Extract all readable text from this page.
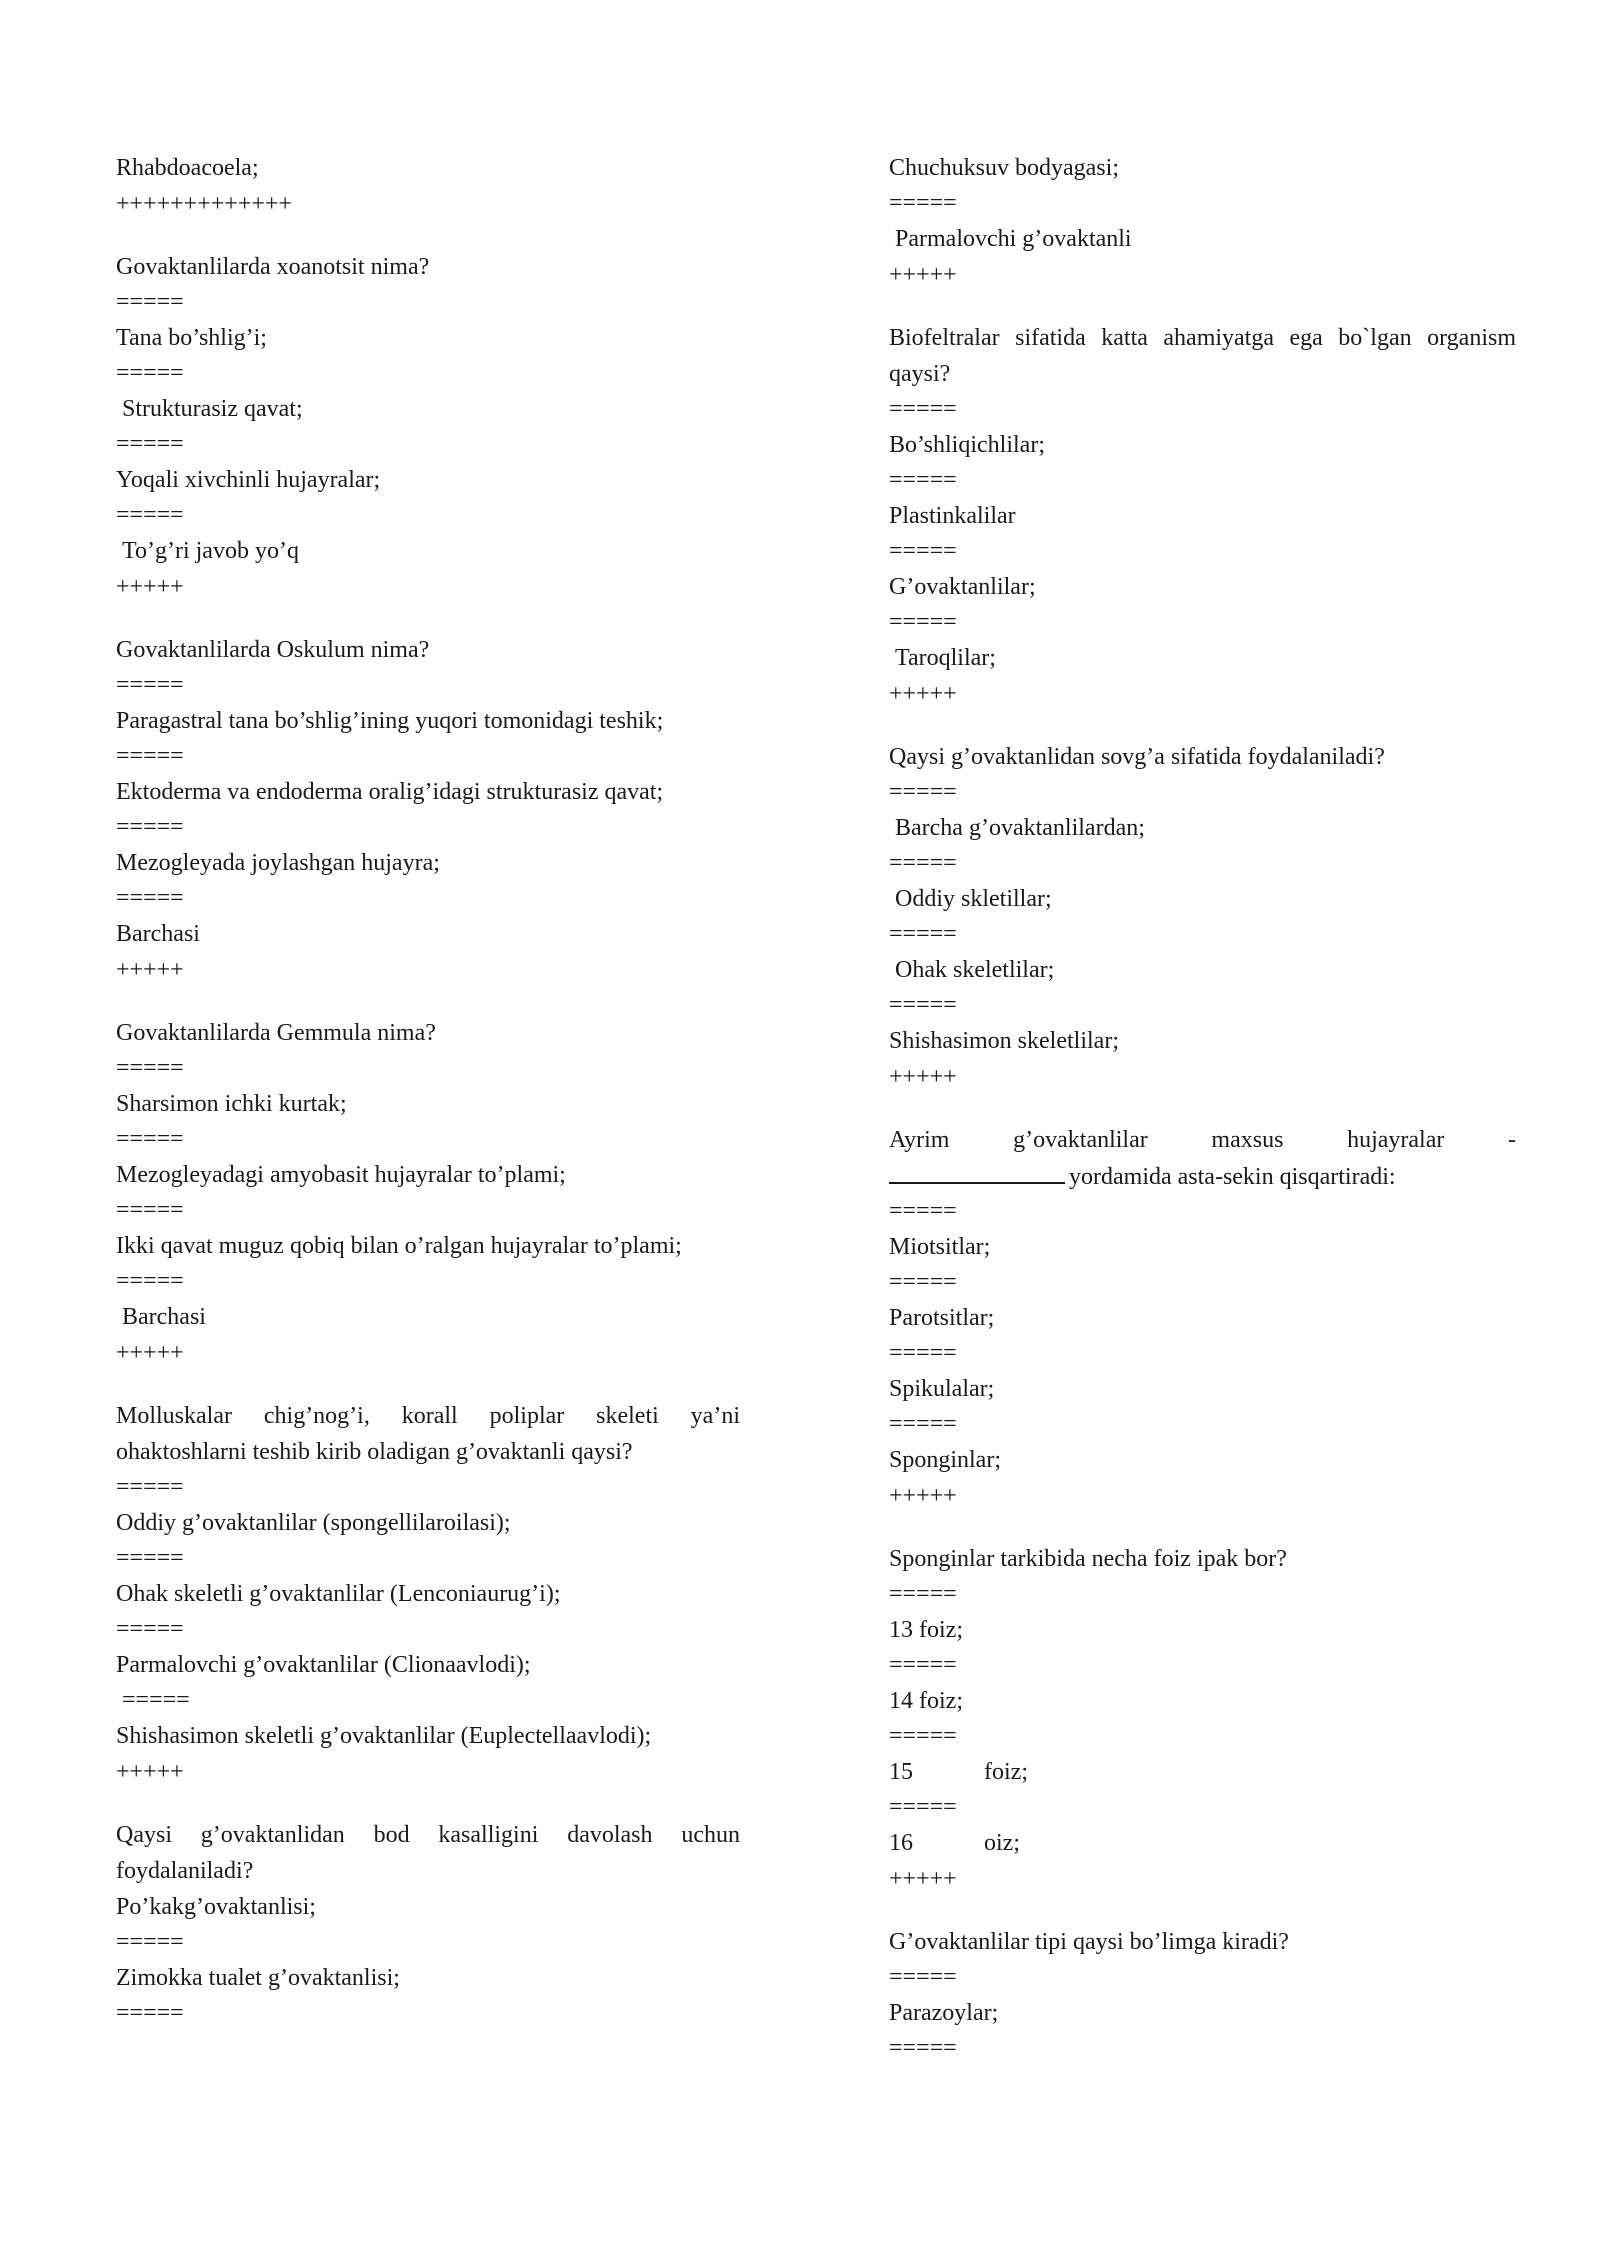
Rhabdoacoela;
+++++++++++++
Govaktanlilarda xoanotsit nima?
=====
Tana bo’shlig’i;
=====
Strukturasiz qavat;
=====
Yoqali xivchinli hujayralar;
=====
To’g’ri javob yo’q
+++++
Govaktanlilarda Oskulum nima?
=====
Paragastral tana bo’shlig’ining yuqori tomonidagi teshik;
=====
Ektoderma va endoderma oralig’idagi strukturasiz qavat;
=====
Mezogleyada joylashgan hujayra;
=====
Barchasi
+++++
Govaktanlilarda Gemmula nima?
=====
Sharsimon ichki kurtak;
=====
Mezogleyadagi amyobasit hujayralar to’plami;
=====
Ikki qavat muguz qobiq bilan o’ralgan hujayralar to’plami;
=====
Barchasi
+++++
Molluskalar chig’nog’i, korall poliplar skeleti ya’ni ohaktoshlarni teshib kirib oladigan g’ovaktanli qaysi?
=====
Oddiy g’ovaktanlilar (spongellilaroilasi);
=====
Ohak skeletli g’ovaktanlilar (Lenconiaurug’i);
=====
Parmalovchi g’ovaktanlilar (Clionaavlodi);
=====
Shishasimon skeletli g’ovaktanlilar (Euplectellaavlodi);
+++++
Qaysi g’ovaktanlidan bod kasalligini davolash uchun foydalaniladi?
Po’kakg’ovaktanlisi;
=====
Zimokka tualet g’ovaktanlisi;
=====
Chuchuksuv bodyagasi;
=====
Parmalovchi g’ovaktanli
+++++
Biofeltralar sifatida katta ahamiyatga ega bo`lgan organism qaysi?
=====
Bo’shliqichlilar;
=====
Plastinkalilar
=====
G’ovaktanlilar;
=====
Taroqlilar;
+++++
Qaysi g’ovaktanlidan sovg’a sifatida foydalaniladi?
=====
Barcha g’ovaktanlilardan;
=====
Oddiy skletillar;
=====
Ohak skeletlilar;
=====
Shishasimon skeletlilar;
+++++
Ayrim	g’ovaktanlilar	maxsus	hujayralar	-
yordamida asta-sekin qisqartiradi:
=====
Miotsitlar;
=====
Parotsitlar;
=====
Spikulalar;
=====
Sponginlar;
+++++
Sponginlar tarkibida necha foiz ipak bor?
=====
13 foiz;
=====
14 foiz;
=====
15	foiz;
=====
16	oiz;
+++++
G’ovaktanlilar tipi qaysi bo’limga kiradi?
=====
Parazoylar;
=====
